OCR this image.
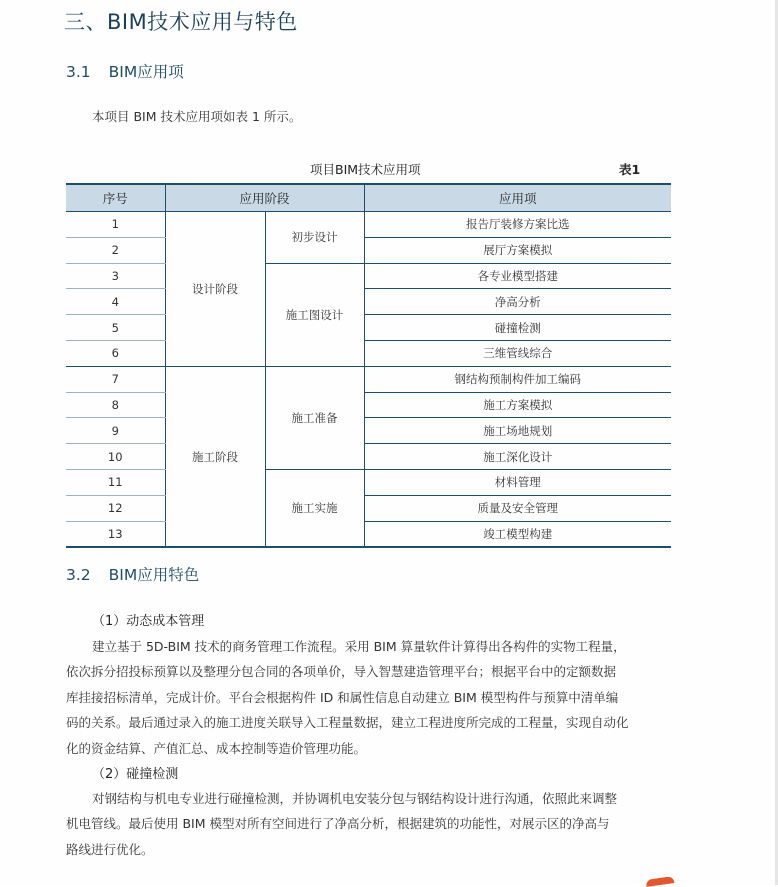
三、BIM技术应用与特色
3.1 BIM应用项
本项目 BIM 技术应用项如表 1 所示。
项目BIM技术应用项	表1
序号	应用阶段		应用项
1	设计阶段	初步设计	报告厅装修方案比选
2			展厅方案模拟
3		施工图设计	各专业模型搭建
4			净高分析
5			碰撞检测
6			三维管线综合
7	施工阶段	施工准备	钢结构预制构件加工编码
8			施工方案模拟
9			施工场地规划
10			施工深化设计
11		施工实施	材料管理
12			质量及安全管理
13			竣工模型构建
3.2 BIM应用特色
（1）动态成本管理
建立基于 5D-BIM 技术的商务管理工作流程。采用 BIM 算量软件计算得出各构件的实物工程量，
依次拆分招投标预算以及整理分包合同的各项单价，导入智慧建造管理平台；根据平台中的定额数据
库挂接招标清单，完成计价。平台会根据构件 ID 和属性信息自动建立 BIM 模型构件与预算中清单编
码的关系。最后通过录入的施工进度关联导入工程量数据，建立工程进度所完成的工程量，实现自动化
化的资金结算、产值汇总、成本控制等造价管理功能。
（2）碰撞检测
对钢结构与机电专业进行碰撞检测，并协调机电安装分包与钢结构设计进行沟通，依照此来调整
机电管线。最后使用 BIM 模型对所有空间进行了净高分析，根据建筑的功能性，对展示区的净高与
路线进行优化。
